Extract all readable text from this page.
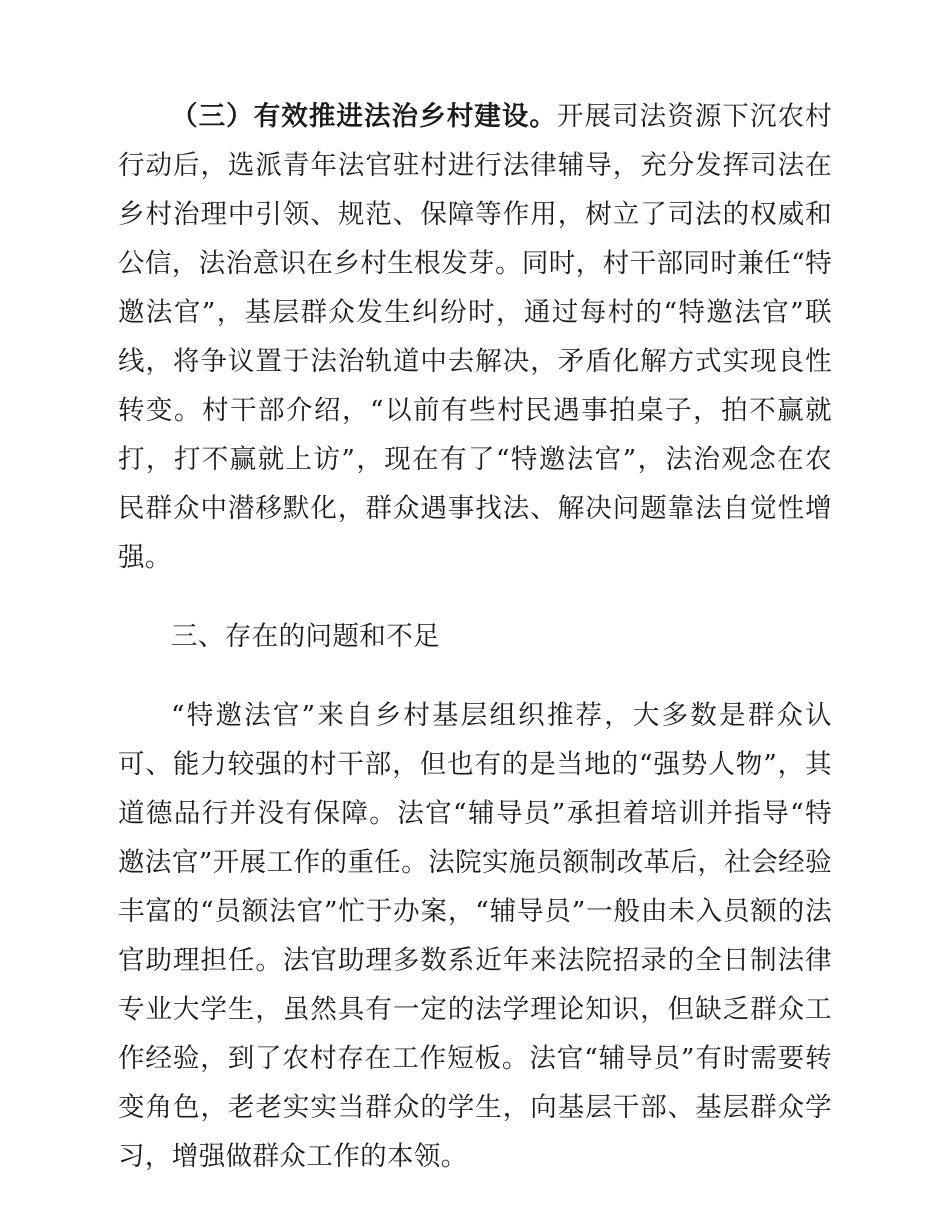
（三）有效推进法治乡村建设。开展司法资源下沉农村行动后，选派青年法官驻村进行法律辅导，充分发挥司法在乡村治理中引领、规范、保障等作用，树立了司法的权威和公信，法治意识在乡村生根发芽。同时，村干部同时兼任“特邀法官”，基层群众发生纠纷时，通过每村的“特邀法官”联线，将争议置于法治轨道中去解决，矛盾化解方式实现良性转变。村干部介绍，“以前有些村民遇事拍桌子，拍不赢就打，打不赢就上访”，现在有了“特邀法官”，法治观念在农民群众中潜移默化，群众遇事找法、解决问题靠法自觉性增强。

三、存在的问题和不足

“特邀法官”来自乡村基层组织推荐，大多数是群众认可、能力较强的村干部，但也有的是当地的“强势人物”，其道德品行并没有保障。法官“辅导员”承担着培训并指导“特邀法官”开展工作的重任。法院实施员额制改革后，社会经验丰富的“员额法官”忙于办案，“辅导员”一般由未入员额的法官助理担任。法官助理多数系近年来法院招录的全日制法律专业大学生，虽然具有一定的法学理论知识，但缺乏群众工作经验，到了农村存在工作短板。法官“辅导员”有时需要转变角色，老老实实当群众的学生，向基层干部、基层群众学习，增强做群众工作的本领。
